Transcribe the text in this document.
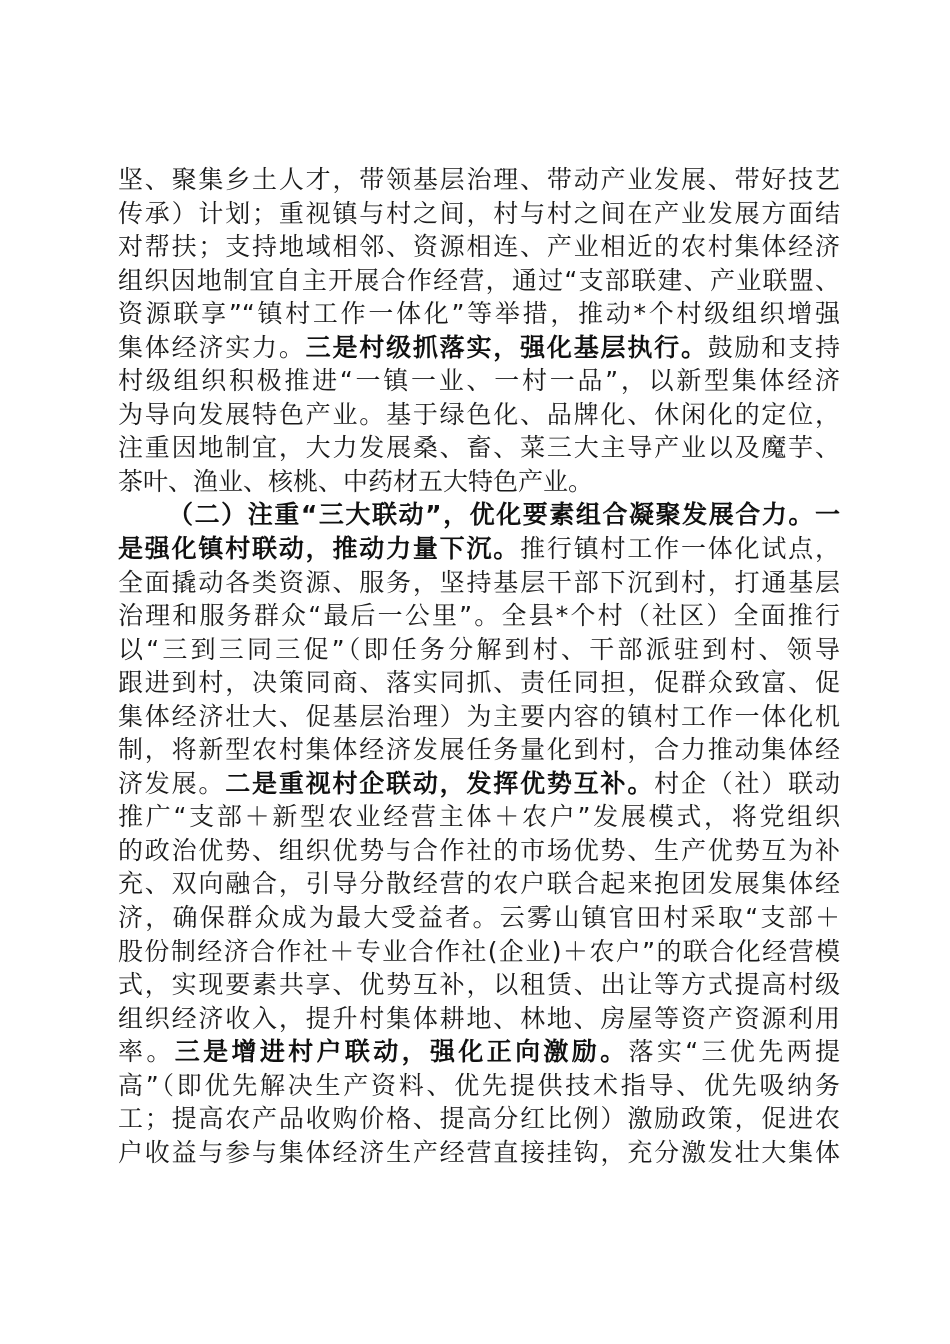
坚、聚集乡土人才，带领基层治理、带动产业发展、带好技艺
传承）计划；重视镇与村之间，村与村之间在产业发展方面结
对帮扶；支持地域相邻、资源相连、产业相近的农村集体经济
组织因地制宜自主开展合作经营，通过“支部联建、产业联盟、
资源联享”“镇村工作一体化”等举措，推动*个村级组织增强
集体经济实力。三是村级抓落实，强化基层执行。鼓励和支持
村级组织积极推进“一镇一业、一村一品”，以新型集体经济
为导向发展特色产业。基于绿色化、品牌化、休闲化的定位，
注重因地制宜，大力发展桑、畜、菜三大主导产业以及魔芋、
茶叶、渔业、核桃、中药材五大特色产业。
（二）注重“三大联动”，优化要素组合凝聚发展合力。一
是强化镇村联动，推动力量下沉。推行镇村工作一体化试点，
全面撬动各类资源、服务，坚持基层干部下沉到村，打通基层
治理和服务群众“最后一公里”。全县*个村（社区）全面推行
以“三到三同三促”（即任务分解到村、干部派驻到村、领导
跟进到村，决策同商、落实同抓、责任同担，促群众致富、促
集体经济壮大、促基层治理）为主要内容的镇村工作一体化机
制，将新型农村集体经济发展任务量化到村，合力推动集体经
济发展。二是重视村企联动，发挥优势互补。村企（社）联动
推广“支部＋新型农业经营主体＋农户”发展模式，将党组织
的政治优势、组织优势与合作社的市场优势、生产优势互为补
充、双向融合，引导分散经营的农户联合起来抱团发展集体经
济，确保群众成为最大受益者。云雾山镇官田村采取“支部＋
股份制经济合作社＋专业合作社(企业)＋农户”的联合化经营模
式，实现要素共享、优势互补，以租赁、出让等方式提高村级
组织经济收入，提升村集体耕地、林地、房屋等资产资源利用
率。三是增进村户联动，强化正向激励。落实“三优先两提
高”（即优先解决生产资料、优先提供技术指导、优先吸纳务
工；提高农产品收购价格、提高分红比例）激励政策，促进农
户收益与参与集体经济生产经营直接挂钩，充分激发壮大集体
